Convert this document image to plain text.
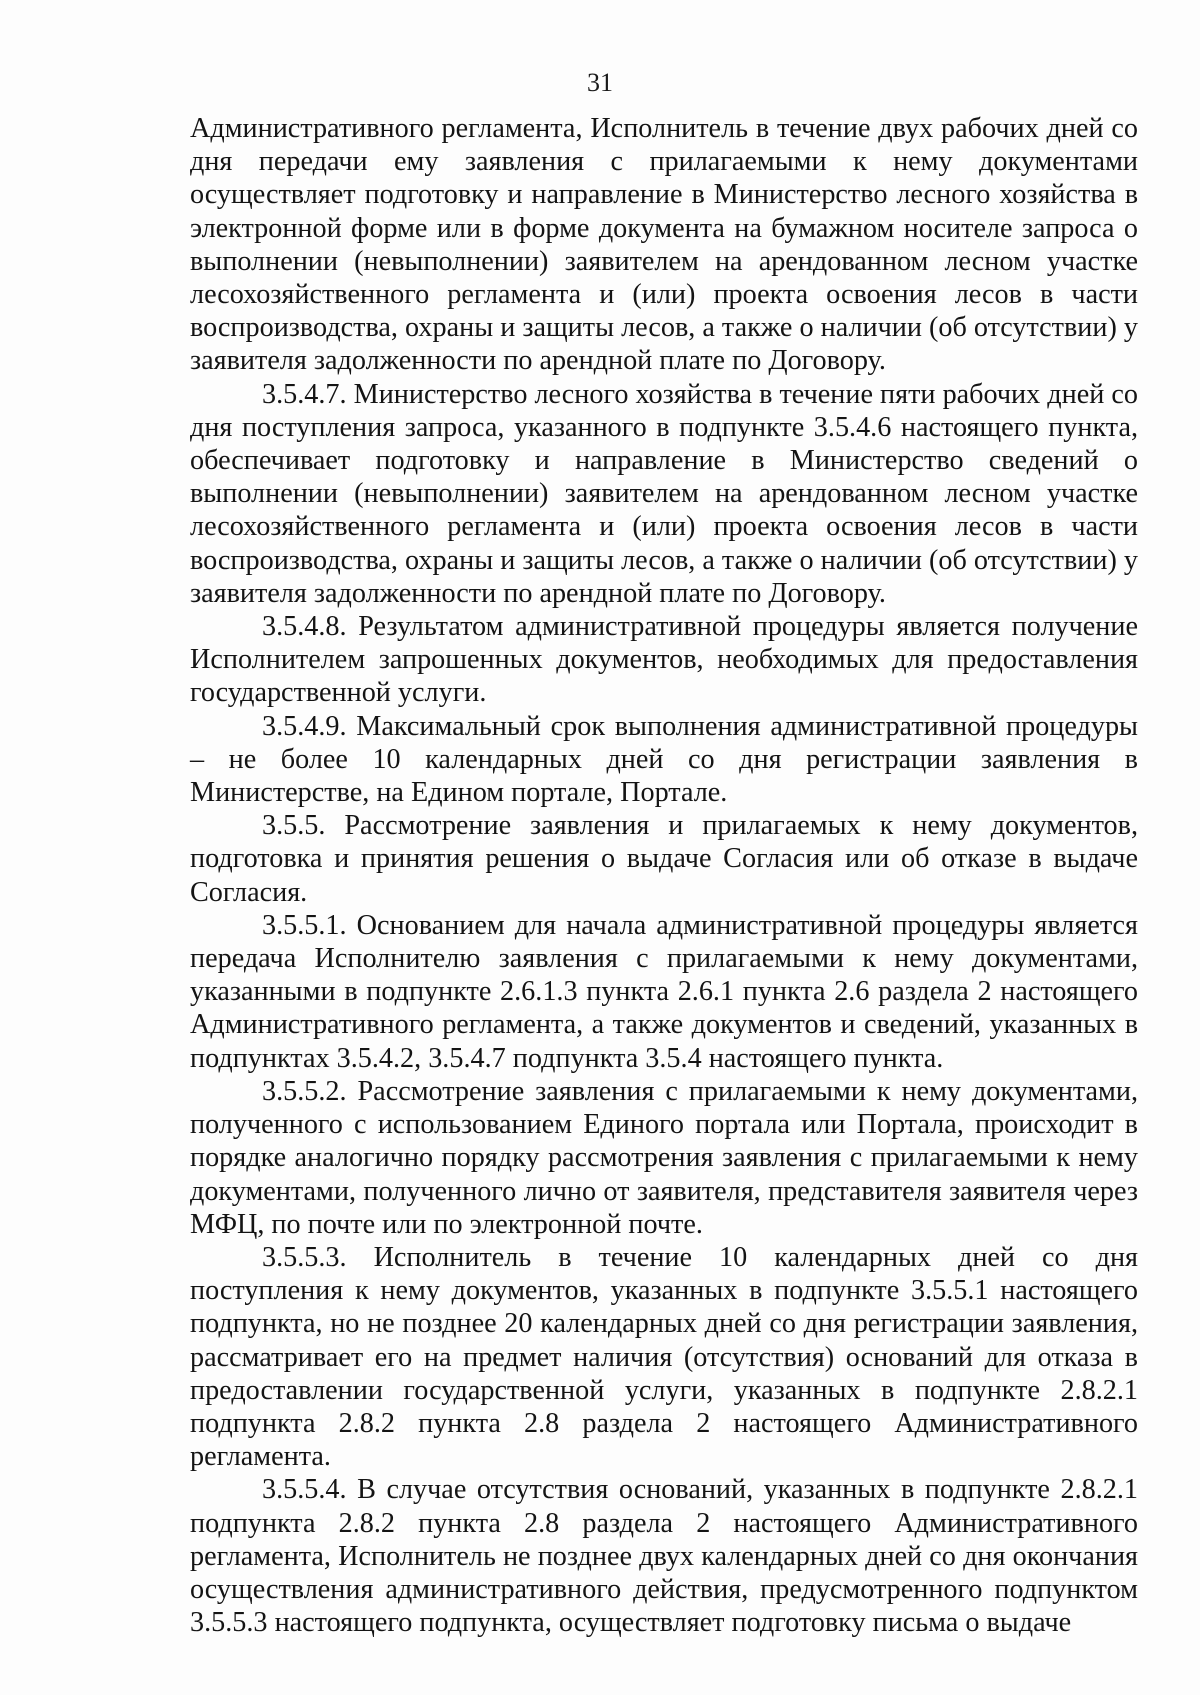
31

Административного регламента, Исполнитель в течение двух рабочих дней со дня передачи ему заявления с прилагаемыми к нему документами осуществляет подготовку и направление в Министерство лесного хозяйства в электронной форме или в форме документа на бумажном носителе запроса о выполнении (невыполнении) заявителем на арендованном лесном участке лесохозяйственного регламента и (или) проекта освоения лесов в части воспроизводства, охраны и защиты лесов, а также о наличии (об отсутствии) у заявителя задолженности по арендной плате по Договору.

3.5.4.7. Министерство лесного хозяйства в течение пяти рабочих дней со дня поступления запроса, указанного в подпункте 3.5.4.6 настоящего пункта, обеспечивает подготовку и направление в Министерство сведений о выполнении (невыполнении) заявителем на арендованном лесном участке лесохозяйственного регламента и (или) проекта освоения лесов в части воспроизводства, охраны и защиты лесов, а также о наличии (об отсутствии) у заявителя задолженности по арендной плате по Договору.

3.5.4.8. Результатом административной процедуры является получение Исполнителем запрошенных документов, необходимых для предоставления государственной услуги.

3.5.4.9. Максимальный срок выполнения административной процедуры – не более 10 календарных дней со дня регистрации заявления в Министерстве, на Едином портале, Портале.

3.5.5. Рассмотрение заявления и прилагаемых к нему документов, подготовка и принятия решения о выдаче Согласия или об отказе в выдаче Согласия.

3.5.5.1. Основанием для начала административной процедуры является передача Исполнителю заявления с прилагаемыми к нему документами, указанными в подпункте 2.6.1.3 пункта 2.6.1 пункта 2.6 раздела 2 настоящего Административного регламента, а также документов и сведений, указанных в подпунктах 3.5.4.2, 3.5.4.7 подпункта 3.5.4 настоящего пункта.

3.5.5.2. Рассмотрение заявления с прилагаемыми к нему документами, полученного с использованием Единого портала или Портала, происходит в порядке аналогично порядку рассмотрения заявления с прилагаемыми к нему документами, полученного лично от заявителя, представителя заявителя через МФЦ, по почте или по электронной почте.

3.5.5.3. Исполнитель в течение 10 календарных дней со дня поступления к нему документов, указанных в подпункте 3.5.5.1 настоящего подпункта, но не позднее 20 календарных дней со дня регистрации заявления, рассматривает его на предмет наличия (отсутствия) оснований для отказа в предоставлении государственной услуги, указанных в подпункте 2.8.2.1 подпункта 2.8.2 пункта 2.8 раздела 2 настоящего Административного регламента.

3.5.5.4. В случае отсутствия оснований, указанных в подпункте 2.8.2.1 подпункта 2.8.2 пункта 2.8 раздела 2 настоящего Административного регламента, Исполнитель не позднее двух календарных дней со дня окончания осуществления административного действия, предусмотренного подпунктом 3.5.5.3 настоящего подпункта, осуществляет подготовку письма о выдаче
